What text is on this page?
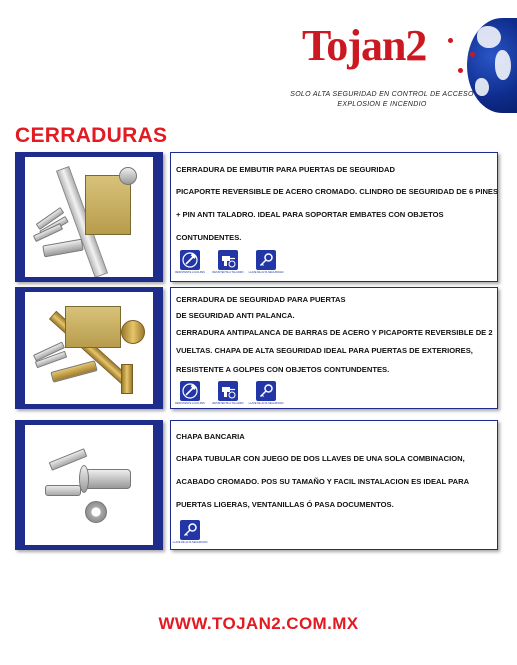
Tojan2
SOLO ALTA SEGURIDAD EN CONTROL DE ACCESO
EXPLOSION E INCENDIO
CERRADURAS
CERRADURA DE EMBUTIR PARA PUERTAS DE SEGURIDAD
PICAPORTE REVERSIBLE DE ACERO CROMADO. CLINDRO DE SEGURIDAD DE 6 PINES
+ PIN ANTI TALADRO. IDEAL PARA SOPORTAR EMBATES CON OBJETOS
CONTUNDENTES.
RESISTENTE A GOLPES	RESISTENTE A TALADRO LLAVE DE ALTA SEGURIDAD
CERRADURA DE SEGURIDAD PARA PUERTAS
DE SEGURIDAD ANTI PALANCA.
CERRADURA ANTIPALANCA DE BARRAS DE ACERO Y PICAPORTE REVERSIBLE DE 2
VUELTAS. CHAPA DE ALTA SEGURIDAD IDEAL PARA PUERTAS DE EXTERIORES,
RESISTENTE A GOLPES CON OBJETOS CONTUNDENTES.
RESISTENTE A GOLPES	RESISTENTE A TALADRO LLAVE DE ALTA SEGURIDAD
CHAPA BANCARIA
CHAPA TUBULAR CON JUEGO DE DOS LLAVES DE UNA SOLA COMBINACION,
ACABADO CROMADO. POS SU TAMAÑO Y FACIL INSTALACION ES IDEAL PARA
PUERTAS LIGERAS, VENTANILLAS Ó PASA DOCUMENTOS.
LLAVE DE ALTA SEGURIDAD
WWW.TOJAN2.COM.MX
